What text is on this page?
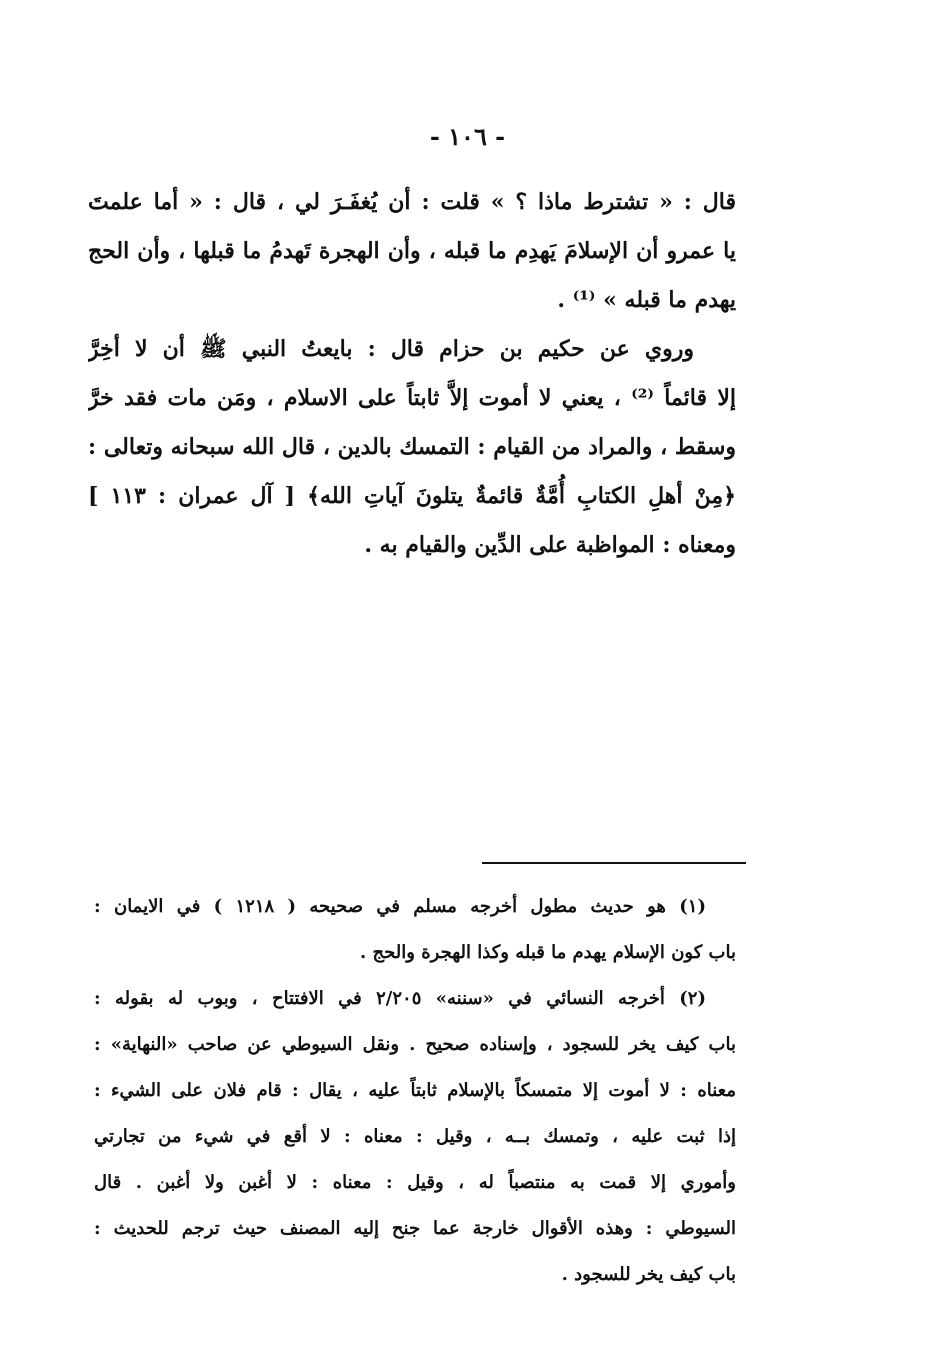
- ١٠٦ -
قال : « تشترط ماذا ؟ » قلت : أن يُغفَـرَ لي ، قال : « أما علمتَ
يا عمرو أن الإسلامَ يَهدِم ما قبله ، وأن الهجرة تَهدمُ ما قبلها ، وأن الحج
يهدم ما قبله » ⁽¹⁾ .
وروي عن حكيم بن حزام قال : بايعتُ النبي ﷺ أن لا أخِرَّ
إلا قائماً ⁽²⁾ ، يعني لا أموت إلاَّ ثابتاً على الاسلام ، ومَن مات فقد خرَّ
وسقط ، والمراد من القيام : التمسك بالدين ، قال الله سبحانه وتعالى :
﴿مِنْ أهلِ الكتابِ أُمَّةٌ قائمةٌ يتلونَ آياتِ الله﴾ [ آل عمران : ١١٣ ]
ومعناه : المواظبة على الدِّين والقيام به .
(١) هو حديث مطول أخرجه مسلم في صحيحه ( ١٢١٨ ) في الايمان :
باب كون الإسلام يهدم ما قبله وكذا الهجرة والحج .
(٢) أخرجه النسائي في «سننه» ٢/٢٠٥ في الافتتاح ، وبوب له بقوله :
باب كيف يخر للسجود ، وإسناده صحيح . ونقل السيوطي عن صاحب «النهاية» :
معناه : لا أموت إلا متمسكاً بالإسلام ثابتاً عليه ، يقال : قام فلان على الشيء :
إذا ثبت عليه ، وتمسك بــه ، وقيل : معناه : لا أقع في شيء من تجارتي
وأموري إلا قمت به منتصباً له ، وقيل : معناه : لا أغبن ولا أغبن . قال
السيوطي : وهذه الأقوال خارجة عما جنح إليه المصنف حيث ترجم للحديث :
باب كيف يخر للسجود .
